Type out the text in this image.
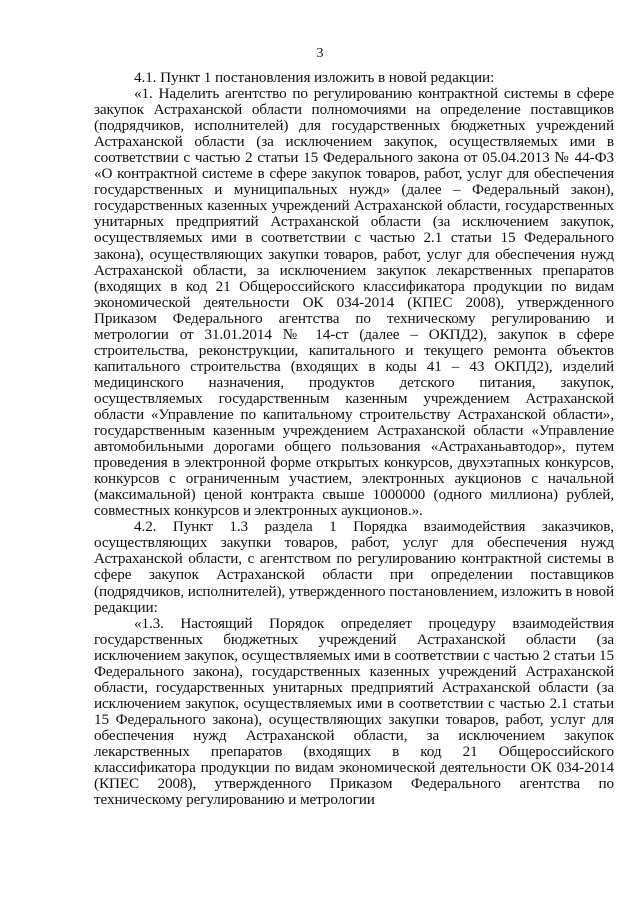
3

4.1. Пункт 1 постановления изложить в новой редакции:

«1. Наделить агентство по регулированию контрактной системы в сфере закупок Астраханской области полномочиями на определение поставщиков (подрядчиков, исполнителей) для государственных бюджетных учреждений Астраханской области (за исключением закупок, осуществляемых ими в соответствии с частью 2 статьи 15 Федерального закона от 05.04.2013 № 44-ФЗ «О контрактной системе в сфере закупок товаров, работ, услуг для обеспечения государственных и муниципальных нужд» (далее – Федеральный закон), государственных казенных учреждений Астраханской области, государственных унитарных предприятий Астраханской области (за исключением закупок, осуществляемых ими в соответствии с частью 2.1 статьи 15 Федерального закона), осуществляющих закупки товаров, работ, услуг для обеспечения нужд Астраханской области, за исключением закупок лекарственных препаратов (входящих в код 21 Общероссийского классификатора продукции по видам экономической деятельности ОК 034-2014 (КПЕС 2008), утвержденного Приказом Федерального агентства по техническому регулированию и метрологии от 31.01.2014 № 14-ст (далее – ОКПД2), закупок в сфере строительства, реконструкции, капитального и текущего ремонта объектов капитального строительства (входящих в коды 41 – 43 ОКПД2), изделий медицинского назначения, продуктов детского питания, закупок, осуществляемых государственным казенным учреждением Астраханской области «Управление по капитальному строительству Астраханской области», государственным казенным учреждением Астраханской области «Управление автомобильными дорогами общего пользования «Астраханьавтодор», путем проведения в электронной форме открытых конкурсов, двухэтапных конкурсов, конкурсов с ограниченным участием, электронных аукционов с начальной (максимальной) ценой контракта свыше 1000000 (одного миллиона) рублей, совместных конкурсов и электронных аукционов.».

4.2. Пункт 1.3 раздела 1 Порядка взаимодействия заказчиков, осуществляющих закупки товаров, работ, услуг для обеспечения нужд Астраханской области, с агентством по регулированию контрактной системы в сфере закупок Астраханской области при определении поставщиков (подрядчиков, исполнителей), утвержденного постановлением, изложить в новой редакции:

«1.3. Настоящий Порядок определяет процедуру взаимодействия государственных бюджетных учреждений Астраханской области (за исключением закупок, осуществляемых ими в соответствии с частью 2 статьи 15 Федерального закона), государственных казенных учреждений Астраханской области, государственных унитарных предприятий Астраханской области (за исключением закупок, осуществляемых ими в соответствии с частью 2.1 статьи 15 Федерального закона), осуществляющих закупки товаров, работ, услуг для обеспечения нужд Астраханской области, за исключением закупок лекарственных препаратов (входящих в код 21 Общероссийского классификатора продукции по видам экономической деятельности ОК 034-2014 (КПЕС 2008), утвержденного Приказом Федерального агентства по техническому регулированию и метрологии
